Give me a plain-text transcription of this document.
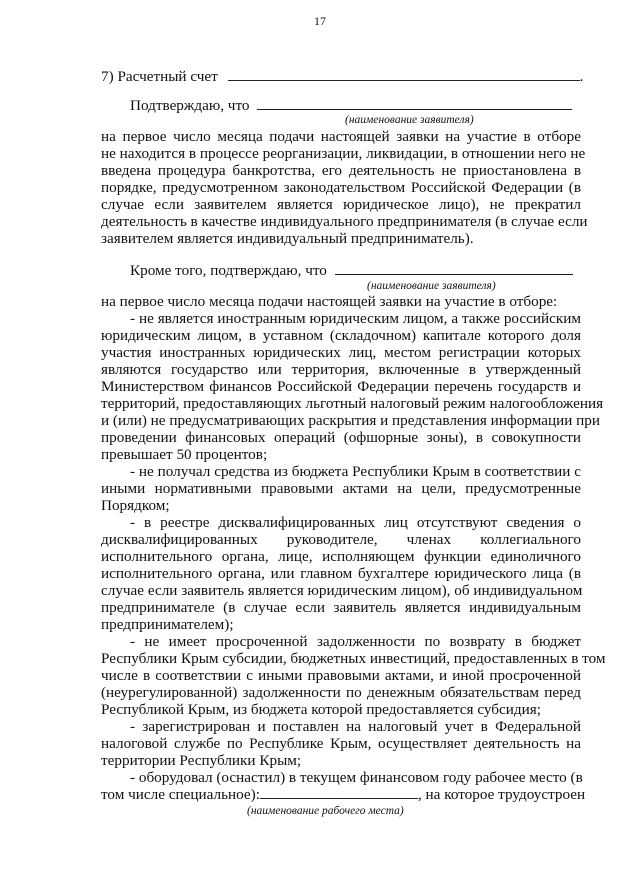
17
7) Расчетный счет	.
Подтверждаю, что
(наименование заявителя)
на первое число месяца подачи настоящей заявки на участие в отборе
не находится в процессе реорганизации, ликвидации, в отношении него не
введена процедура банкротства, его деятельность не приостановлена в
порядке, предусмотренном законодательством Российской Федерации (в
случае если заявителем является юридическое лицо), не прекратил
деятельность в качестве индивидуального предпринимателя (в случае если
заявителем является индивидуальный предприниматель).
Кроме того, подтверждаю, что
(наименование заявителя)
на первое число месяца подачи настоящей заявки на участие в отборе:
- не является иностранным юридическим лицом, а также российским
юридическим лицом, в уставном (складочном) капитале которого доля
участия иностранных юридических лиц, местом регистрации которых
являются государство или территория, включенные в утвержденный
Министерством финансов Российской Федерации перечень государств и
территорий, предоставляющих льготный налоговый режим налогообложения
и (или) не предусматривающих раскрытия и представления информации при
проведении финансовых операций (офшорные зоны), в совокупности
превышает 50 процентов;
- не получал средства из бюджета Республики Крым в соответствии с
иными нормативными правовыми актами на цели, предусмотренные
Порядком;
- в реестре дисквалифицированных лиц отсутствуют сведения о
дисквалифицированных руководителе, членах коллегиального
исполнительного органа, лице, исполняющем функции единоличного
исполнительного органа, или главном бухгалтере юридического лица (в
случае если заявитель является юридическим лицом), об индивидуальном
предпринимателе (в случае если заявитель является индивидуальным
предпринимателем);
- не имеет просроченной задолженности по возврату в бюджет
Республики Крым субсидии, бюджетных инвестиций, предоставленных в том
числе в соответствии с иными правовыми актами, и иной просроченной
(неурегулированной) задолженности по денежным обязательствам перед
Республикой Крым, из бюджета которой предоставляется субсидия;
- зарегистрирован и поставлен на налоговый учет в Федеральной
налоговой службе по Республике Крым, осуществляет деятельность на
территории Республики Крым;
- оборудовал (оснастил) в текущем финансовом году рабочее место (в
том числе специальное):	, на которое трудоустроен
(наименование рабочего места)
